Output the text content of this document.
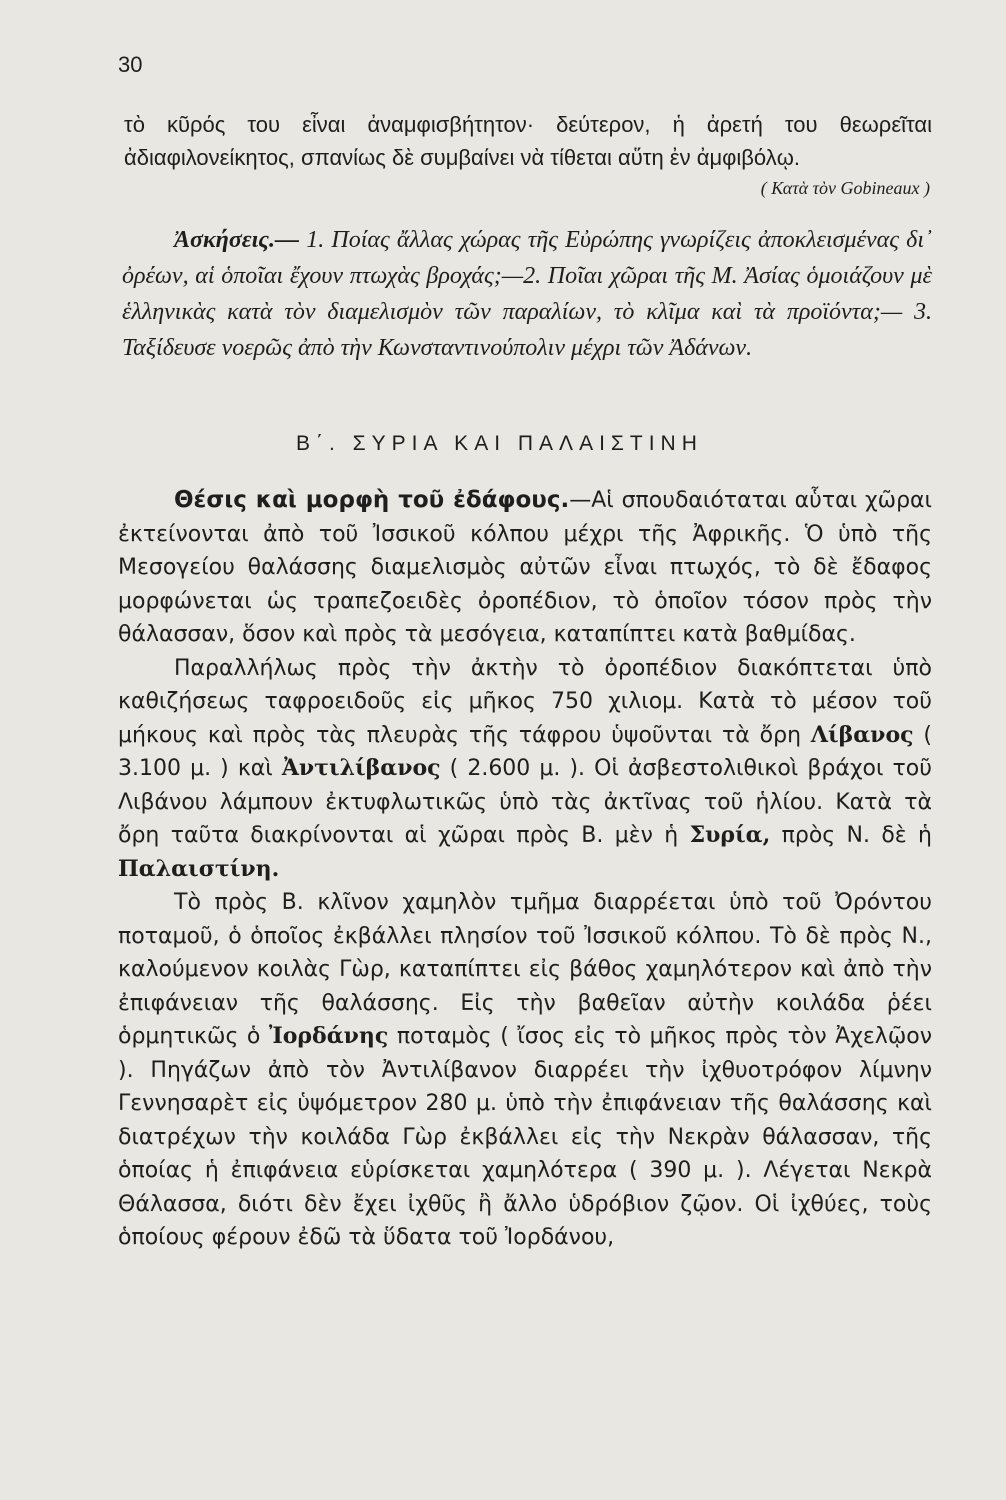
30

τὸ κῦρός του εἶναι ἀναμφισβήτητον· δεύτερον, ἡ ἀρετή του θεωρεῖται ἀδιαφιλονείκητος, σπανίως δὲ συμβαίνει νὰ τίθεται αὕτη ἐν ἀμφιβόλῳ.

( Κατὰ τὸν Gobineaux )

Ἀσκήσεις.— 1. Ποίας ἄλλας χώρας τῆς Εὐρώπης γνωρίζεις ἀποκλεισμένας δι᾽ ὀρέων, αἱ ὁποῖαι ἔχουν πτωχὰς βροχάς;—2. Ποῖαι χῶραι τῆς Μ. Ἀσίας ὁμοιάζουν μὲ ἑλληνικὰς κατὰ τὸν διαμελισμὸν τῶν παραλίων, τὸ κλῖμα καὶ τὰ προϊόντα;— 3. Ταξίδευσε νοερῶς ἀπὸ τὴν Κωνσταντινούπολιν μέχρι τῶν Ἀδάνων.

Β΄. ΣΥΡΙΑ ΚΑΙ ΠΑΛΑΙΣΤΙΝΗ

Θέσις καὶ μορφὴ τοῦ ἐδάφους.—Αἱ σπουδαιόταται αὗται χῶραι ἐκτείνονται ἀπὸ τοῦ Ἰσσικοῦ κόλπου μέχρι τῆς Ἀφρικῆς. Ὁ ὑπὸ τῆς Μεσογείου θαλάσσης διαμελισμὸς αὐτῶν εἶναι πτωχός, τὸ δὲ ἔδαφος μορφώνεται ὡς τραπεζοειδὲς ὀροπέδιον, τὸ ὁποῖον τόσον πρὸς τὴν θάλασσαν, ὅσον καὶ πρὸς τὰ μεσόγεια, καταπίπτει κατὰ βαθμίδας.

Παραλλήλως πρὸς τὴν ἀκτὴν τὸ ὀροπέδιον διακόπτεται ὑπὸ καθιζήσεως ταφροειδοῦς εἰς μῆκος 750 χιλιομ. Κατὰ τὸ μέσον τοῦ μήκους καὶ πρὸς τὰς πλευρὰς τῆς τάφρου ὑψοῦνται τὰ ὄρη Λίβανος ( 3.100 μ. ) καὶ Ἀντιλίβανος ( 2.600 μ. ). Οἱ ἀσβεστολιθικοὶ βράχοι τοῦ Λιβάνου λάμπουν ἐκτυφλωτικῶς ὑπὸ τὰς ἀκτῖνας τοῦ ἡλίου. Κατὰ τὰ ὄρη ταῦτα διακρίνονται αἱ χῶραι πρὸς Β. μὲν ἡ Συρία, πρὸς Ν. δὲ ἡ Παλαιστίνη.

Τὸ πρὸς Β. κλῖνον χαμηλὸν τμῆμα διαρρέεται ὑπὸ τοῦ Ὀρόντου ποταμοῦ, ὁ ὁποῖος ἐκβάλλει πλησίον τοῦ Ἰσσικοῦ κόλπου. Τὸ δὲ πρὸς Ν., καλούμενον κοιλὰς Γὼρ, καταπίπτει εἰς βάθος χαμηλότερον καὶ ἀπὸ τὴν ἐπιφάνειαν τῆς θαλάσσης. Εἰς τὴν βαθεῖαν αὐτὴν κοιλάδα ῥέει ὁρμητικῶς ὁ Ἰορδάνης ποταμὸς ( ἴσος εἰς τὸ μῆκος πρὸς τὸν Ἀχελῷον ). Πηγάζων ἀπὸ τὸν Ἀντιλίβανον διαρρέει τὴν ἰχθυοτρόφον λίμνην Γεννησαρὲτ εἰς ὑψόμετρον 280 μ. ὑπὸ τὴν ἐπιφάνειαν τῆς θαλάσσης καὶ διατρέχων τὴν κοιλάδα Γὼρ ἐκβάλλει εἰς τὴν Νεκρὰν θάλασσαν, τῆς ὁποίας ἡ ἐπιφάνεια εὑρίσκεται χαμηλότερα ( 390 μ. ). Λέγεται Νεκρὰ Θάλασσα, διότι δὲν ἔχει ἰχθῦς ἢ ἄλλο ὑδρόβιον ζῷον. Οἱ ἰχθύες, τοὺς ὁποίους φέρουν ἐδῶ τὰ ὕδατα τοῦ Ἰορδάνου,
